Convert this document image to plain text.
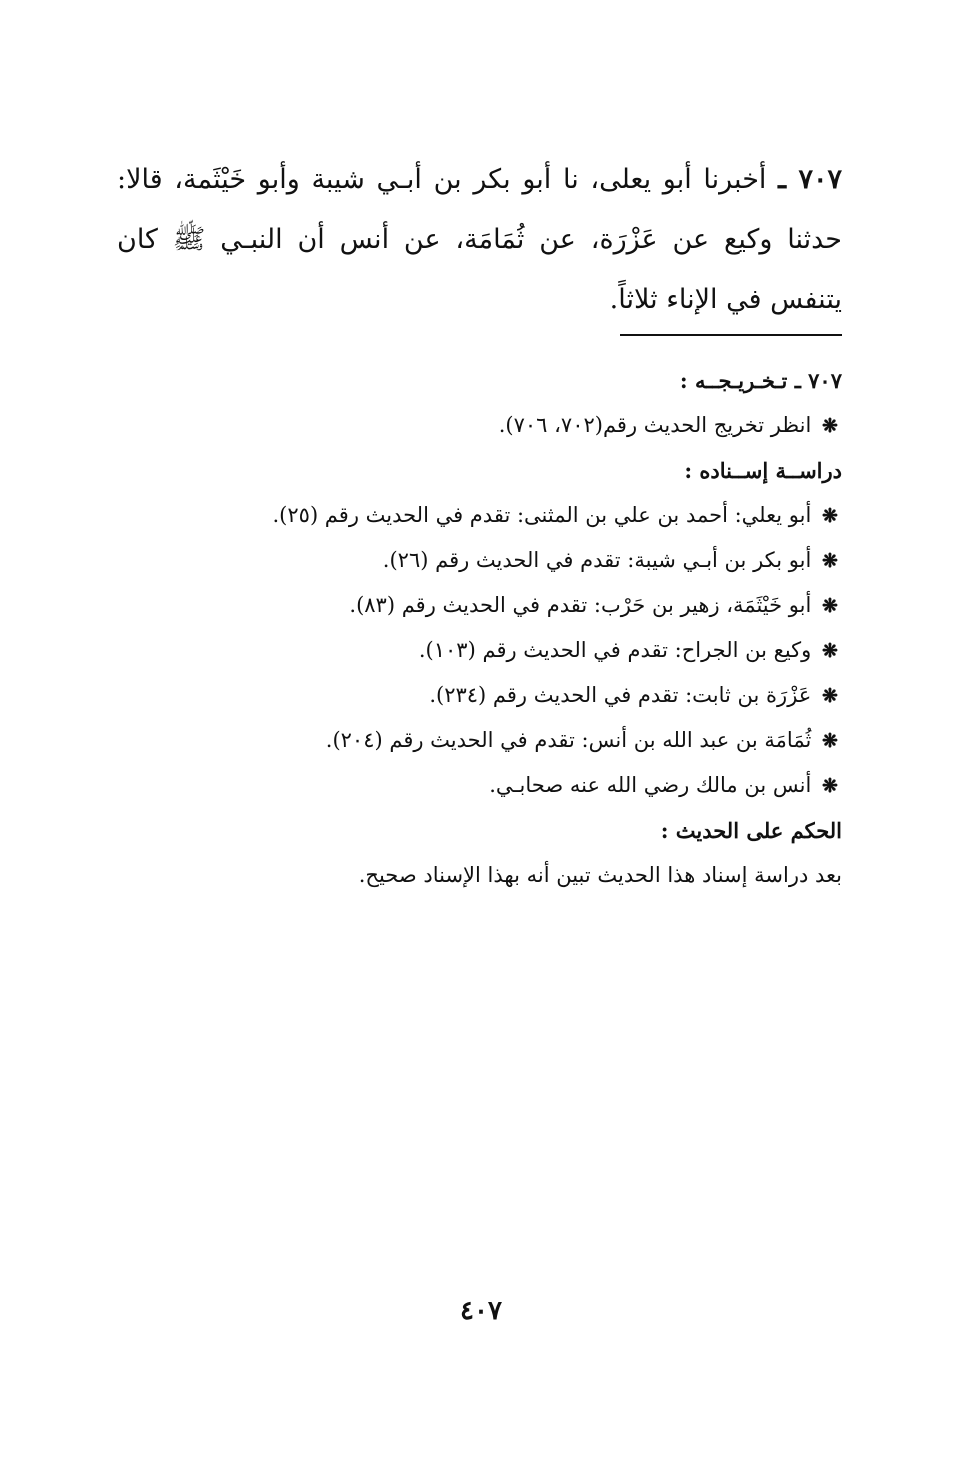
٧٠٧ ـ أخبرنا أبو يعلى، نا أبو بكر بن أبـي شيبة وأبو خَيْثَمة، قالا: حدثنا وكيع عن عَزْرَة، عن ثُمَامَة، عن أنس أن النبـي ﷺ كان يتنفس في الإناء ثلاثاً.

٧٠٧ ـ تـخـريـجــه :
❋ انظر تخريج الحديث رقم(٧٠٢، ٧٠٦).
دراســة إســناده :
❋ أبو يعلي: أحمد بن علي بن المثنى: تقدم في الحديث رقم (٢٥).
❋ أبو بكر بن أبـي شيبة: تقدم في الحديث رقم (٢٦).
❋ أبو خَيْثَمَة، زهير بن حَرْب: تقدم في الحديث رقم (٨٣).
❋ وكيع بن الجراح: تقدم في الحديث رقم (١٠٣).
❋ عَزْرَة بن ثابت: تقدم في الحديث رقم (٢٣٤).
❋ ثُمَامَة بن عبد الله بن أنس: تقدم في الحديث رقم (٢٠٤).
❋ أنس بن مالك رضي الله عنه صحابـي.
الحكم على الحديث :
بعد دراسة إسناد هذا الحديث تبين أنه بهذا الإسناد صحيح.
٤٠٧
